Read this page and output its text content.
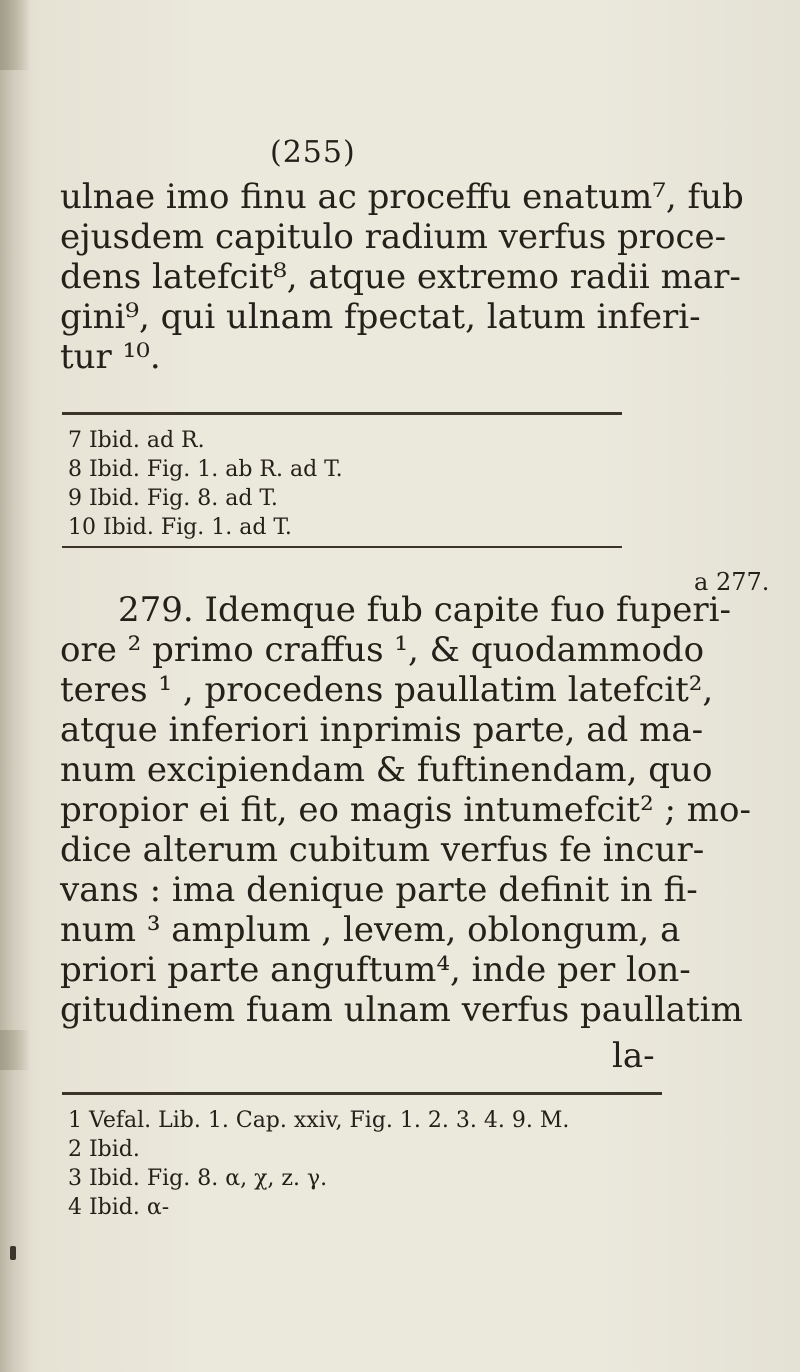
(255)
ulnae imo finu ac proceffu enatum⁷, fub
ejusdem capitulo radium verfus proce-
dens latefcit⁸, atque extremo radii mar-
gini⁹, qui ulnam fpectat, latum inferi-
tur ¹⁰.
7 Ibid. ad R.
8 Ibid. Fig. 1. ab R. ad T.
9 Ibid. Fig. 8. ad T.
10 Ibid. Fig. 1. ad T.
279. Idemque fub capite fuo fuperi-
ore ² primo craffus ¹, & quodammodo
teres ¹ , procedens paullatim latefcit²,
atque inferiori inprimis parte, ad ma-
num excipiendam & fuftinendam, quo
propior ei fit, eo magis intumefcit² ; mo-
dice alterum cubitum verfus fe incur-
vans : ima denique parte definit in fi-
num ³ amplum , levem, oblongum, a
priori parte anguftum⁴, inde per lon-
gitudinem fuam ulnam verfus paullatim
a 277.
la-
1 Vefal. Lib. 1. Cap. xxiv, Fig. 1. 2. 3. 4. 9. M.
2 Ibid.
3 Ibid. Fig. 8. α, χ, z. γ.
4 Ibid. α-
